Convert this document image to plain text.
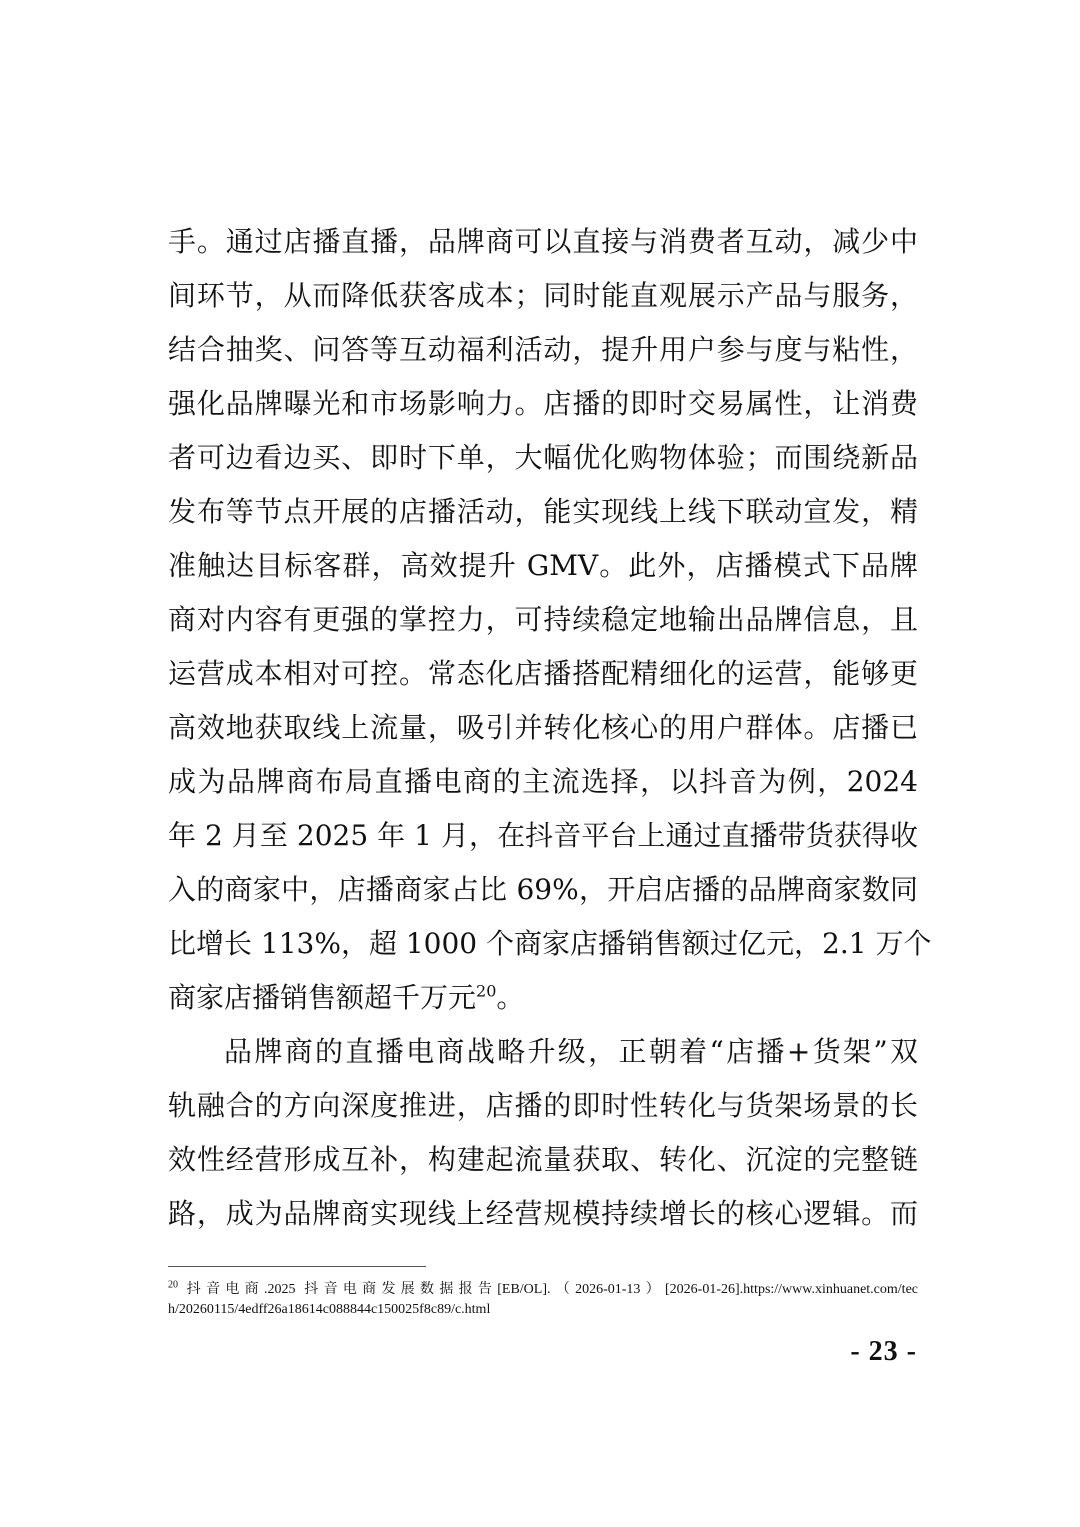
手。通过店播直播，品牌商可以直接与消费者互动，减少中
间环节，从而降低获客成本；同时能直观展示产品与服务，
结合抽奖、问答等互动福利活动，提升用户参与度与粘性，
强化品牌曝光和市场影响力。店播的即时交易属性，让消费
者可边看边买、即时下单，大幅优化购物体验；而围绕新品
发布等节点开展的店播活动，能实现线上线下联动宣发，精
准触达目标客群，高效提升 GMV。此外，店播模式下品牌
商对内容有更强的掌控力，可持续稳定地输出品牌信息，且
运营成本相对可控。常态化店播搭配精细化的运营，能够更
高效地获取线上流量，吸引并转化核心的用户群体。店播已
成为品牌商布局直播电商的主流选择，以抖音为例，2024
年 2 月至 2025 年 1 月，在抖音平台上通过直播带货获得收
入的商家中，店播商家占比 69%，开启店播的品牌商家数同
比增长 113%，超 1000 个商家店播销售额过亿元，2.1 万个
商家店播销售额超千万元$^{20}$。
品牌商的直播电商战略升级，正朝着“店播+货架”双
轨融合的方向深度推进，店播的即时性转化与货架场景的长
效性经营形成互补，构建起流量获取、转化、沉淀的完整链
路，成为品牌商实现线上经营规模持续增长的核心逻辑。而
$^{20}$ 抖音电商.2025 抖音电商发展数据报告[EB/OL].（2026-01-13）[2026-01-26].https://www.xinhuanet.com/tec
h/20260115/4edff26a18614c088844c150025f8c89/c.html
- 23 -
